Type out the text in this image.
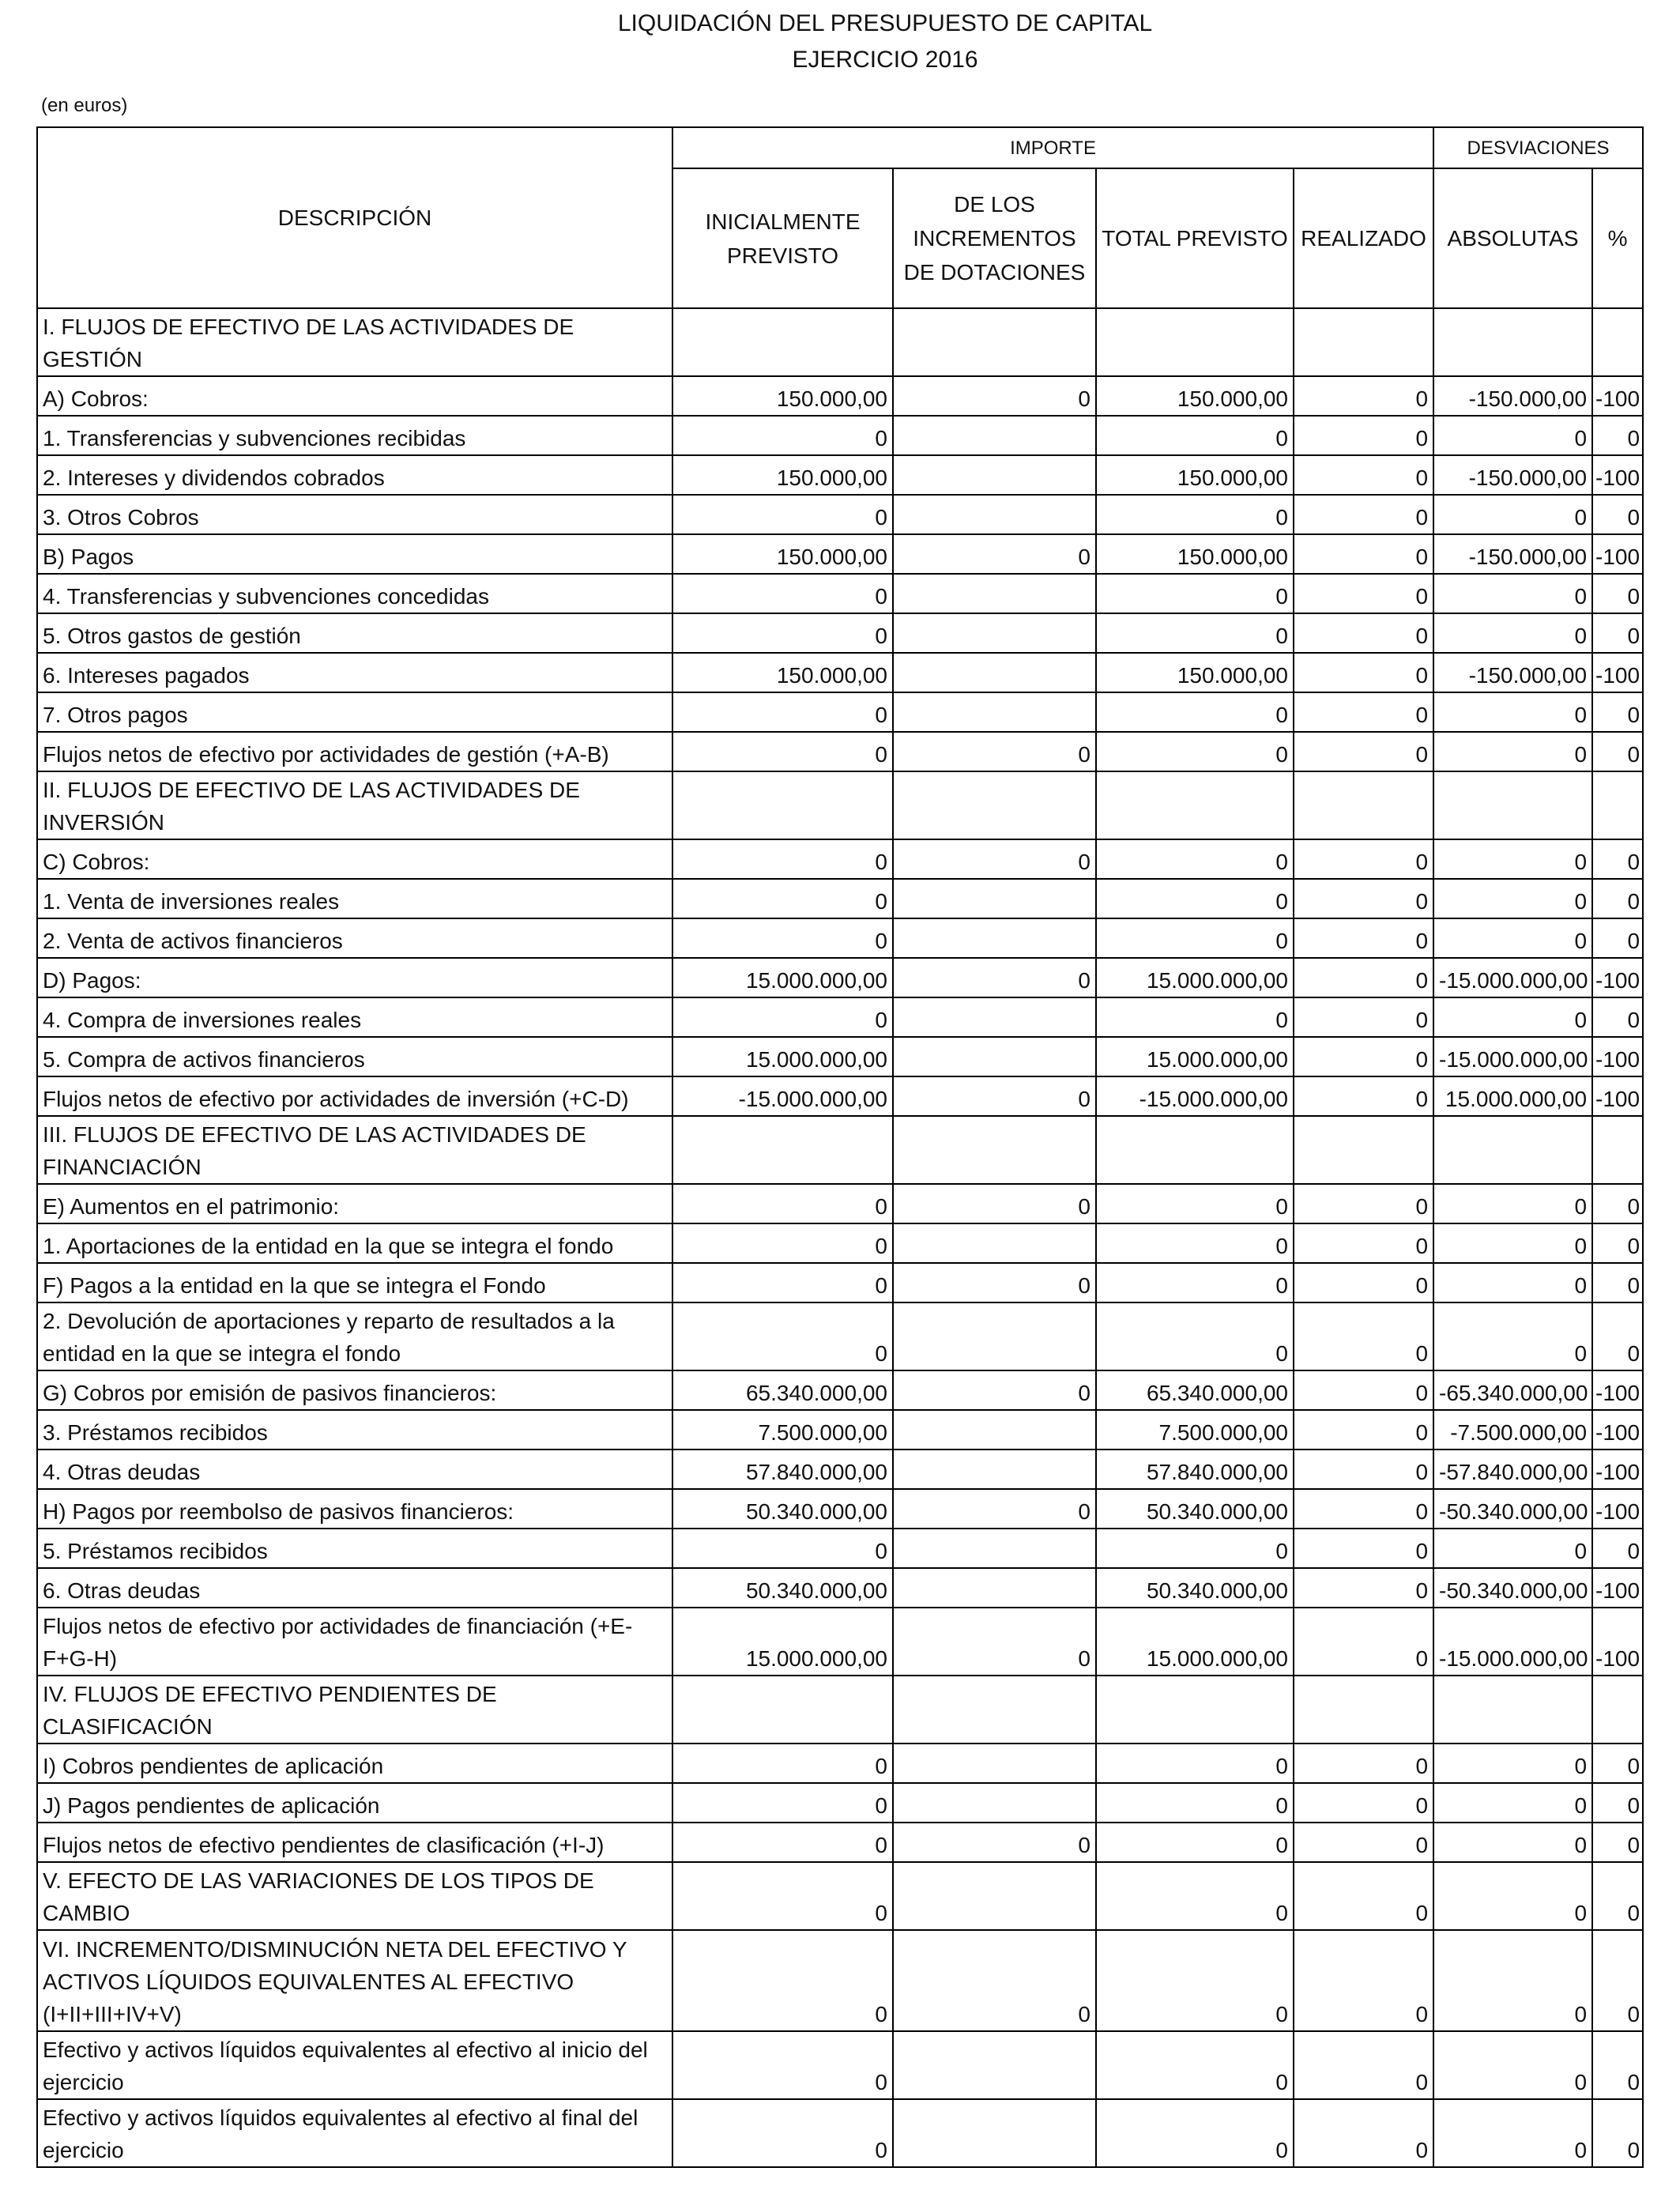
LIQUIDACIÓN DEL PRESUPUESTO DE CAPITAL
EJERCICIO 2016
(en euros)
DESCRIPCIÓN	IMPORTE				DESVIACIONES	
	INICIALMENTE PREVISTO	DE LOS INCREMENTOS DE DOTACIONES	TOTAL PREVISTO	REALIZADO	ABSOLUTAS	%
I. FLUJOS DE EFECTIVO DE LAS ACTIVIDADES DE GESTIÓN						
A) Cobros:	150.000,00	0	150.000,00	0	-150.000,00	-100
1. Transferencias y subvenciones recibidas	0		0	0	0	0
2. Intereses y dividendos cobrados	150.000,00		150.000,00	0	-150.000,00	-100
3. Otros Cobros	0		0	0	0	0
B) Pagos	150.000,00	0	150.000,00	0	-150.000,00	-100
4. Transferencias y subvenciones concedidas	0		0	0	0	0
5. Otros gastos de gestión	0		0	0	0	0
6. Intereses pagados	150.000,00		150.000,00	0	-150.000,00	-100
7. Otros pagos	0		0	0	0	0
Flujos netos de efectivo por actividades de gestión (+A-B)	0	0	0	0	0	0
II. FLUJOS DE EFECTIVO DE LAS ACTIVIDADES DE INVERSIÓN						
C) Cobros:	0	0	0	0	0	0
1. Venta de inversiones reales	0		0	0	0	0
2. Venta de activos financieros	0		0	0	0	0
D) Pagos:	15.000.000,00	0	15.000.000,00	0	-15.000.000,00	-100
4. Compra de inversiones reales	0		0	0	0	0
5. Compra de activos financieros	15.000.000,00		15.000.000,00	0	-15.000.000,00	-100
Flujos netos de efectivo por actividades de inversión (+C-D)	-15.000.000,00	0	-15.000.000,00	0	15.000.000,00	-100
III. FLUJOS DE EFECTIVO DE LAS ACTIVIDADES DE FINANCIACIÓN						
E) Aumentos en el patrimonio:	0	0	0	0	0	0
1. Aportaciones de la entidad en la que se integra el fondo	0		0	0	0	0
F) Pagos a la entidad en la que se integra el Fondo	0	0	0	0	0	0
2. Devolución de aportaciones y reparto de resultados a la entidad en la que se integra el fondo	0		0	0	0	0
G) Cobros por emisión de pasivos financieros:	65.340.000,00	0	65.340.000,00	0	-65.340.000,00	-100
3. Préstamos recibidos	7.500.000,00		7.500.000,00	0	-7.500.000,00	-100
4. Otras deudas	57.840.000,00		57.840.000,00	0	-57.840.000,00	-100
H) Pagos por reembolso de pasivos financieros:	50.340.000,00	0	50.340.000,00	0	-50.340.000,00	-100
5. Préstamos recibidos	0		0	0	0	0
6. Otras deudas	50.340.000,00		50.340.000,00	0	-50.340.000,00	-100
Flujos netos de efectivo por actividades de financiación (+E-F+G-H)	15.000.000,00	0	15.000.000,00	0	-15.000.000,00	-100
IV. FLUJOS DE EFECTIVO PENDIENTES DE CLASIFICACIÓN						
I) Cobros pendientes de aplicación	0		0	0	0	0
J) Pagos pendientes de aplicación	0		0	0	0	0
Flujos netos de efectivo pendientes de clasificación (+I-J)	0	0	0	0	0	0
V. EFECTO DE LAS VARIACIONES DE LOS TIPOS DE CAMBIO	0		0	0	0	0
VI. INCREMENTO/DISMINUCIÓN NETA DEL EFECTIVO Y ACTIVOS LÍQUIDOS EQUIVALENTES AL EFECTIVO (I+II+III+IV+V)	0	0	0	0	0	0
Efectivo y activos líquidos equivalentes al efectivo al inicio del ejercicio	0		0	0	0	0
Efectivo y activos líquidos equivalentes al efectivo al final del ejercicio	0		0	0	0	0
